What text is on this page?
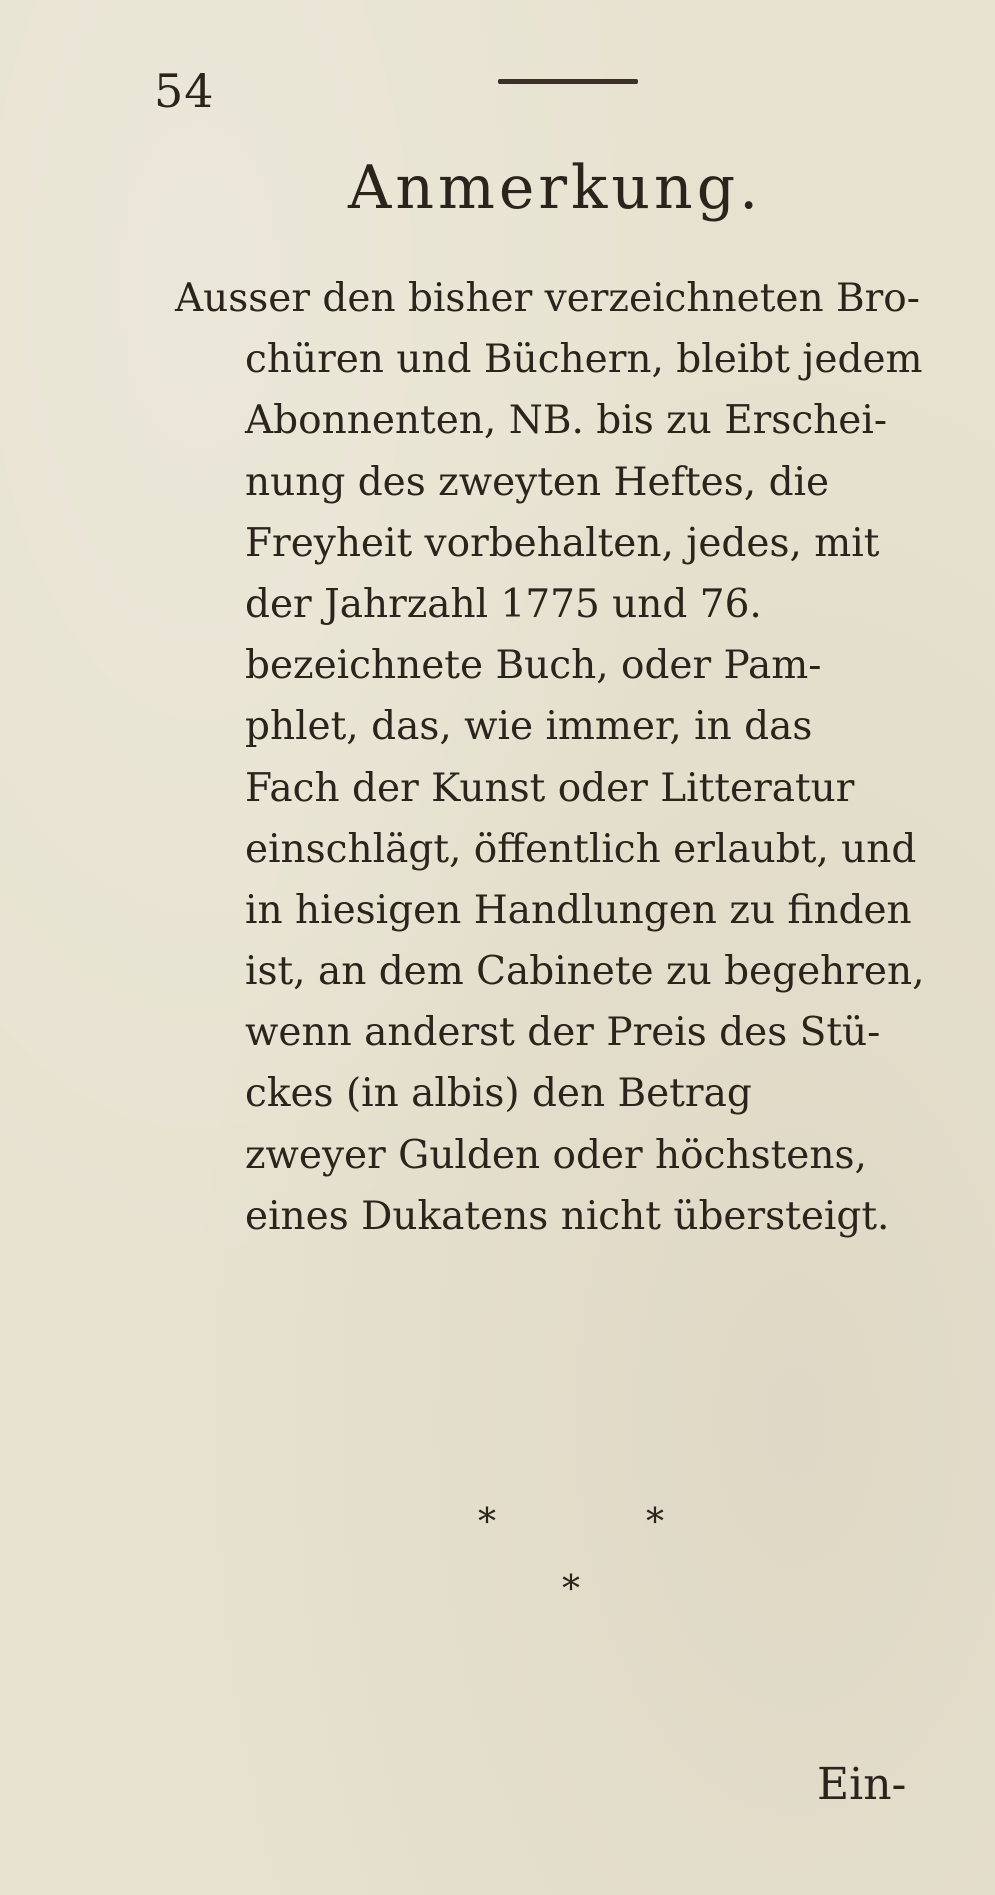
54
Anmerkung.
Ausser den bisher verzeichneten Bro-
chüren und Büchern, bleibt jedem
Abonnenten, NB. bis zu Erschei-
nung des zweyten Heftes, die
Freyheit vorbehalten, jedes, mit
der Jahrzahl 1775 und 76.
bezeichnete Buch, oder Pam-
phlet, das, wie immer, in das
Fach der Kunst oder Litteratur
einschlägt, öffentlich erlaubt, und
in hiesigen Handlungen zu finden
ist, an dem Cabinete zu begehren,
wenn anderst der Preis des Stü-
ckes (in albis) den Betrag
zweyer Gulden oder höchstens,
eines Dukatens nicht übersteigt.
*	*
*
Ein-
